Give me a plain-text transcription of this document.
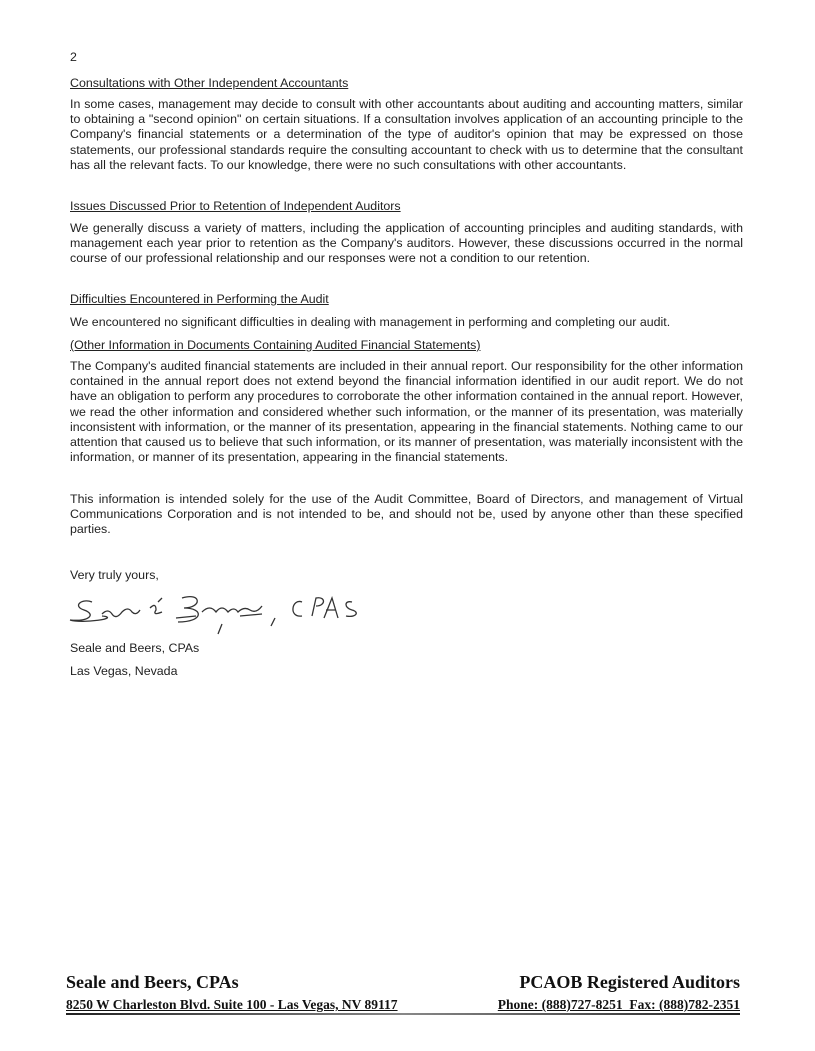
2
Consultations with Other Independent Accountants
In some cases, management may decide to consult with other accountants about auditing and accounting matters, similar to obtaining a "second opinion" on certain situations. If a consultation involves application of an accounting principle to the Company's financial statements or a determination of the type of auditor's opinion that may be expressed on those statements, our professional standards require the consulting accountant to check with us to determine that the consultant has all the relevant facts. To our knowledge, there were no such consultations with other accountants.
Issues Discussed Prior to Retention of Independent Auditors
We generally discuss a variety of matters, including the application of accounting principles and auditing standards, with management each year prior to retention as the Company's auditors. However, these discussions occurred in the normal course of our professional relationship and our responses were not a condition to our retention.
Difficulties Encountered in Performing the Audit
We encountered no significant difficulties in dealing with management in performing and completing our audit.
(Other Information in Documents Containing Audited Financial Statements)
The Company's audited financial statements are included in their annual report. Our responsibility for the other information contained in the annual report does not extend beyond the financial information identified in our audit report. We do not have an obligation to perform any procedures to corroborate the other information contained in the annual report. However, we read the other information and considered whether such information, or the manner of its presentation, was materially inconsistent with information, or the manner of its presentation, appearing in the financial statements. Nothing came to our attention that caused us to believe that such information, or its manner of presentation, was materially inconsistent with the information, or manner of its presentation, appearing in the financial statements.
This information is intended solely for the use of the Audit Committee, Board of Directors, and management of Virtual Communications Corporation and is not intended to be, and should not be, used by anyone other than these specified parties.
Very truly yours,
Seale and Beers, CPAs
Las Vegas, Nevada
Seale and Beers, CPAs	PCAOB Registered Auditors
8250 W Charleston Blvd. Suite 100 - Las Vegas, NV 89117	Phone: (888)727-8251  Fax: (888)782-2351
